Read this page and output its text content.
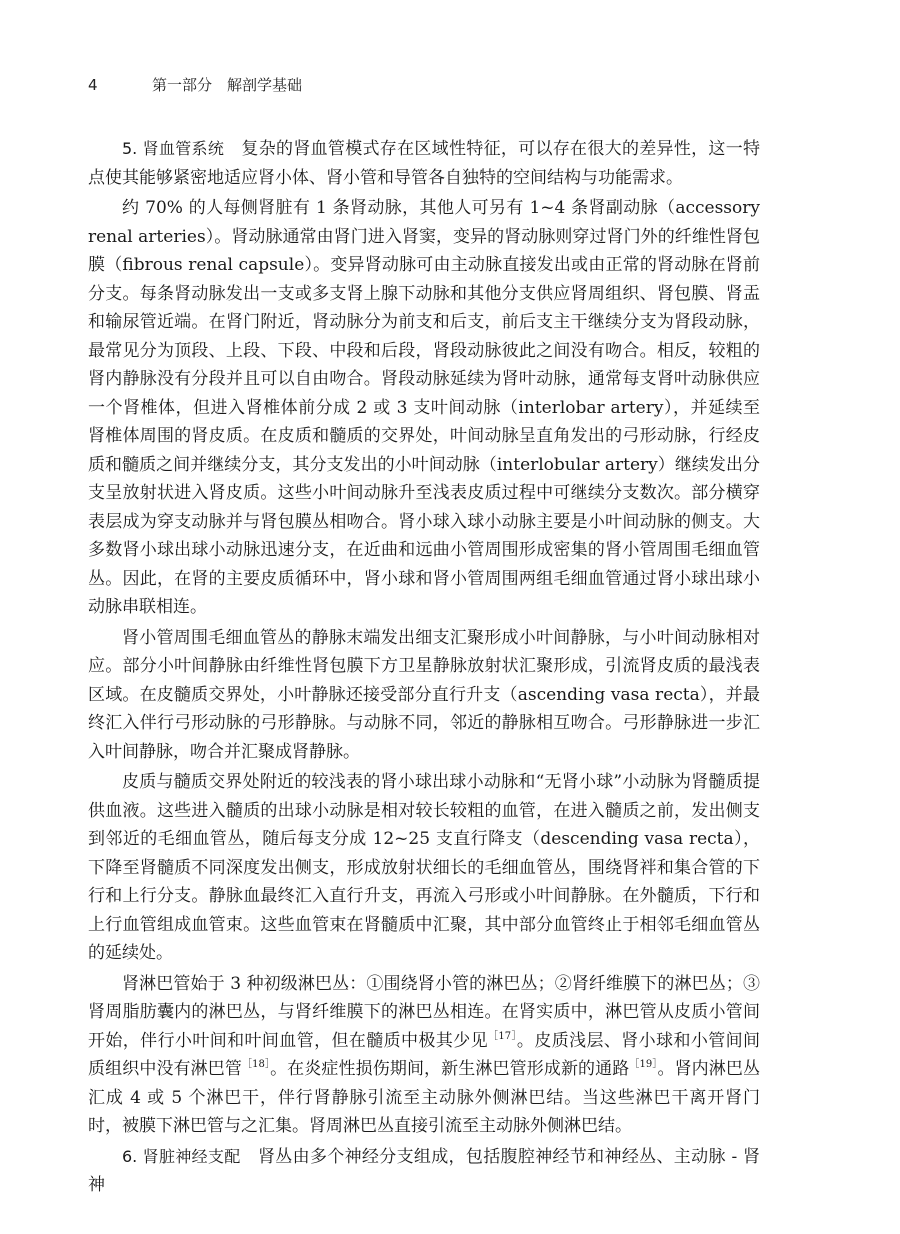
4	第一部分　解剖学基础

5. 肾血管系统　复杂的肾血管模式存在区域性特征，可以存在很大的差异性，这一特点使其能够紧密地适应肾小体、肾小管和导管各自独特的空间结构与功能需求。

约 70% 的人每侧肾脏有 1 条肾动脉，其他人可另有 1~4 条肾副动脉（accessory renal arteries）。肾动脉通常由肾门进入肾窦，变异的肾动脉则穿过肾门外的纤维性肾包膜（fibrous renal capsule）。变异肾动脉可由主动脉直接发出或由正常的肾动脉在肾前分支。每条肾动脉发出一支或多支肾上腺下动脉和其他分支供应肾周组织、肾包膜、肾盂和输尿管近端。在肾门附近，肾动脉分为前支和后支，前后支主干继续分支为肾段动脉，最常见分为顶段、上段、下段、中段和后段，肾段动脉彼此之间没有吻合。相反，较粗的肾内静脉没有分段并且可以自由吻合。肾段动脉延续为肾叶动脉，通常每支肾叶动脉供应一个肾椎体，但进入肾椎体前分成 2 或 3 支叶间动脉（interlobar artery），并延续至肾椎体周围的肾皮质。在皮质和髓质的交界处，叶间动脉呈直角发出的弓形动脉，行经皮质和髓质之间并继续分支，其分支发出的小叶间动脉（interlobular artery）继续发出分支呈放射状进入肾皮质。这些小叶间动脉升至浅表皮质过程中可继续分支数次。部分横穿表层成为穿支动脉并与肾包膜丛相吻合。肾小球入球小动脉主要是小叶间动脉的侧支。大多数肾小球出球小动脉迅速分支，在近曲和远曲小管周围形成密集的肾小管周围毛细血管丛。因此，在肾的主要皮质循环中，肾小球和肾小管周围两组毛细血管通过肾小球出球小动脉串联相连。

肾小管周围毛细血管丛的静脉末端发出细支汇聚形成小叶间静脉，与小叶间动脉相对应。部分小叶间静脉由纤维性肾包膜下方卫星静脉放射状汇聚形成，引流肾皮质的最浅表区域。在皮髓质交界处，小叶静脉还接受部分直行升支（ascending vasa recta），并最终汇入伴行弓形动脉的弓形静脉。与动脉不同，邻近的静脉相互吻合。弓形静脉进一步汇入叶间静脉，吻合并汇聚成肾静脉。

皮质与髓质交界处附近的较浅表的肾小球出球小动脉和“无肾小球”小动脉为肾髓质提供血液。这些进入髓质的出球小动脉是相对较长较粗的血管，在进入髓质之前，发出侧支到邻近的毛细血管丛，随后每支分成 12~25 支直行降支（descending vasa recta），下降至肾髓质不同深度发出侧支，形成放射状细长的毛细血管丛，围绕肾袢和集合管的下行和上行分支。静脉血最终汇入直行升支，再流入弓形或小叶间静脉。在外髓质，下行和上行血管组成血管束。这些血管束在肾髓质中汇聚，其中部分血管终止于相邻毛细血管丛的延续处。

肾淋巴管始于 3 种初级淋巴丛：①围绕肾小管的淋巴丛；②肾纤维膜下的淋巴丛；③肾周脂肪囊内的淋巴丛，与肾纤维膜下的淋巴丛相连。在肾实质中，淋巴管从皮质小管间开始，伴行小叶间和叶间血管，但在髓质中极其少见$^{[17]}$。皮质浅层、肾小球和小管间间质组织中没有淋巴管$^{[18]}$。在炎症性损伤期间，新生淋巴管形成新的通路$^{[19]}$。肾内淋巴丛汇成 4 或 5 个淋巴干，伴行肾静脉引流至主动脉外侧淋巴结。当这些淋巴干离开肾门时，被膜下淋巴管与之汇集。肾周淋巴丛直接引流至主动脉外侧淋巴结。

6. 肾脏神经支配　肾丛由多个神经分支组成，包括腹腔神经节和神经丛、主动脉 - 肾神
